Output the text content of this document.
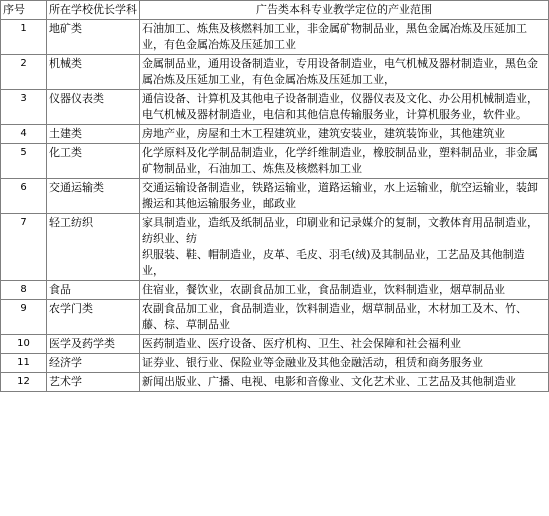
序号	所在学校优长学科	广告类本科专业教学定位的产业范围
1	地矿类	石油加工、炼焦及核燃料加工业，非金属矿物制品业，黑色金属冶炼及压延加工业，有色金属冶炼及压延加工业
2	机械类	金属制品业，通用设备制造业，专用设备制造业，电气机械及器材制造业，黑色金属冶炼及压延加工业，有色金属冶炼及压延加工业，
3	仪器仪表类	通信设备、计算机及其他电子设备制造业，仪器仪表及文化、办公用机械制造业，电气机械及器材制造业，电信和其他信息传输服务业，计算机服务业，软件业。
4	土建类	房地产业，房屋和土木工程建筑业，建筑安装业，建筑装饰业，其他建筑业
5	化工类	化学原料及化学制品制造业，化学纤维制造业，橡胶制品业，塑料制品业，非金属矿物制品业，石油加工、炼焦及核燃料加工业
6	交通运输类	交通运输设备制造业，铁路运输业，道路运输业，水上运输业，航空运输业，装卸搬运和其他运输服务业，邮政业
7	轻工纺织	家具制造业，造纸及纸制品业，印刷业和记录媒介的复制，文教体育用品制造业，纺织业、纺
织服装、鞋、帽制造业，皮革、毛皮、羽毛(绒)及其制品业，工艺品及其他制造业，
8	食品	住宿业，餐饮业，农副食品加工业，食品制造业，饮料制造业，烟草制品业
9	农学门类	农副食品加工业，食品制造业，饮料制造业，烟草制品业，木材加工及木、竹、藤、棕、草制品业
10	医学及药学类	医药制造业、医疗设备、医疗机构、卫生、社会保障和社会福利业
11	经济学	证券业、银行业、保险业等金融业及其他金融活动，租赁和商务服务业
12	艺术学	新闻出版业、广播、电视、电影和音像业、文化艺术业、工艺品及其他制造业
